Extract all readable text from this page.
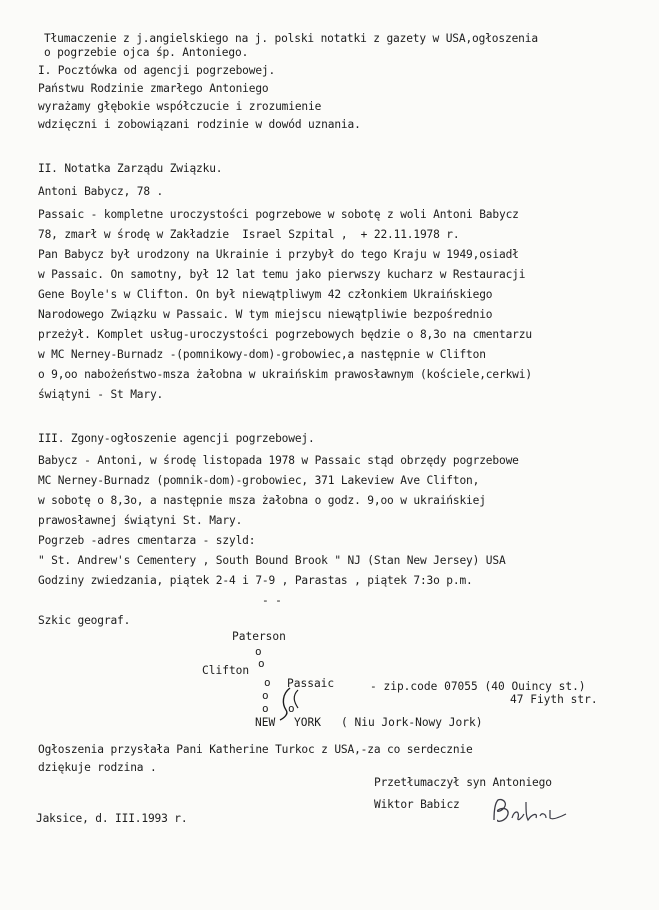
Tłumaczenie z j.angielskiego na j. polski notatki z gazety w USA,ogłoszenia
o pogrzebie ojca śp. Antoniego.
I. Pocztówka od agencji pogrzebowej.
Państwu Rodzinie zmarłego Antoniego
wyrażamy głębokie współczucie i zrozumienie
wdzięczni i zobowiązani rodzinie w dowód uznania.
II. Notatka Zarządu Związku.
Antoni Babycz, 78 .
Passaic - kompletne uroczystości pogrzebowe w sobotę z woli Antoni Babycz
78, zmarł w środę w Zakładzie  Israel Szpital ,  + 22.11.1978 r.
Pan Babycz był urodzony na Ukrainie i przybył do tego Kraju w 1949,osiadł
w Passaic. On samotny, był 12 lat temu jako pierwszy kucharz w Restauracji
Gene Boyle's w Clifton. On był niewątpliwym 42 członkiem Ukraińskiego
Narodowego Związku w Passaic. W tym miejscu niewątpliwie bezpośrednio
przeżył. Komplet usług-uroczystości pogrzebowych będzie o 8,3o na cmentarzu
w MC Nerney-Burnadz -(pomnikowy-dom)-grobowiec,a następnie w Clifton
o 9,oo nabożeństwo-msza żałobna w ukraińskim prawosławnym (kościele,cerkwi)
świątyni - St Mary.
III. Zgony-ogłoszenie agencji pogrzebowej.
Babycz - Antoni, w środę listopada 1978 w Passaic stąd obrzędy pogrzebowe
MC Nerney-Burnadz (pomnik-dom)-grobowiec, 371 Lakeview Ave Clifton,
w sobotę o 8,3o, a następnie msza żałobna o godz. 9,oo w ukraińskiej
prawosławnej świątyni St. Mary.
Pogrzeb -adres cmentarza - szyld:
" St. Andrew's Cementery , South Bound Brook " NJ (Stan New Jersey) USA
Godziny zwiedzania, piątek 2-4 i 7-9 , Parastas , piątek 7:3o p.m.
- -
Szkic geograf.
Paterson
o
o
Clifton
o Passaic	- zip.code 07055 (40 Ouincy st.)
47 Fiyth str.
o
o o
NEW YORK ( Niu Jork-Nowy Jork)
Ogłoszenia przysłała Pani Katherine Turkoc z USA,-za co serdecznie
dziękuje rodzina .
Przetłumaczył syn Antoniego
Wiktor Babicz
Jaksice, d. III.1993 r.
